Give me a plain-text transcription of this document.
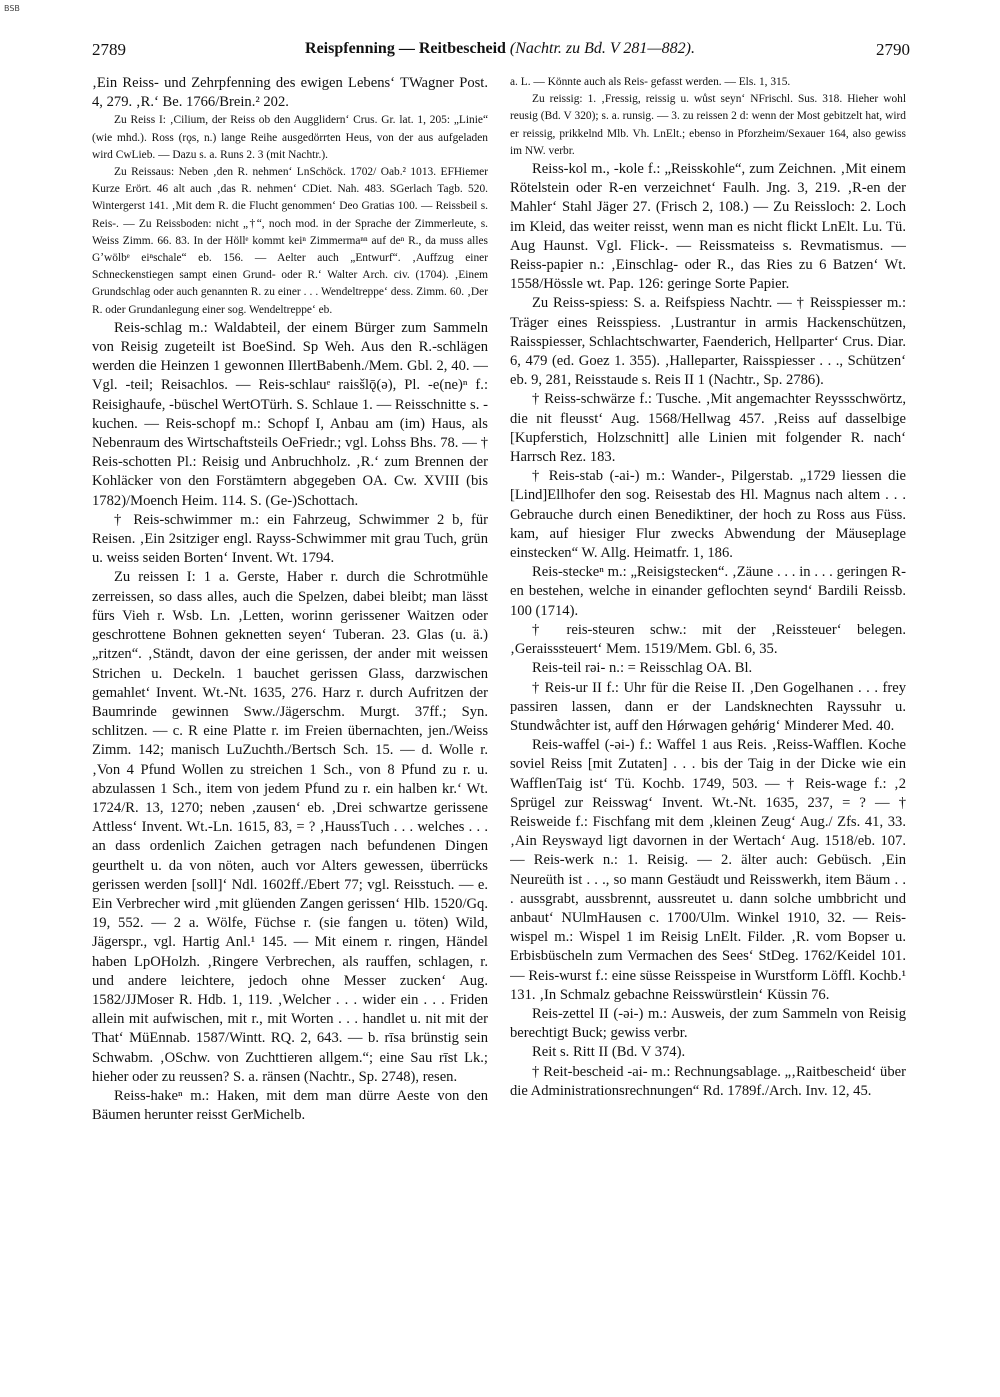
BSB
2789	Reispfenning — Reitbescheid (Nachtr. zu Bd. V 281—882).	2790

‚Ein Reiss- und Zehrpfenning des ewigen Lebens‘ TWagner Post. 4, 279. ‚R.‘ Be. 1766/Brein.² 202.

Zu Reiss I: ‚Cilium, der Reiss ob den Augglidern‘ Crus. Gr. lat. 1, 205: „Linie“ (wie mhd.). Ross (rǫs, n.) lange Reihe ausgedörrten Heus, von der aus aufgeladen wird CwLieb. — Dazu s. a. Runs 2. 3 (mit Nachtr.).

Zu Reissaus: Neben ‚den R. nehmen‘ LnSchöck. 1702/ Oab.² 1013. EFHiemer Kurze Erört. 46 alt auch ‚das R. nehmen‘ CDiet. Nah. 483. SGerlach Tagb. 520. Wintergerst 141. ‚Mit dem R. die Flucht genommen‘ Deo Gratias 100. — Reissbeil s. Reis-. — Zu Reissboden: nicht „†“, noch mod. in der Sprache der Zimmerleute, s. Weiss Zimm. 66. 83. In der Höllᵉ kommt keiⁿ Zimmermaⁿⁿ auf deⁿ R., da muss alles Gʼwölbᵉ eiⁿschale“ eb. 156. — Aelter auch „Entwurf“. ‚Auffzug einer Schneckenstiegen sampt einen Grund- oder R.‘ Walter Arch. civ. (1704). ‚Einem Grundschlag oder auch genannten R. zu einer . . . Wendeltreppe‘ dess. Zimm. 60. ‚Der R. oder Grundanlegung einer sog. Wendeltreppe‘ eb.

Reis-schlag m.: Waldabteil, der einem Bürger zum Sammeln von Reisig zugeteilt ist BoeSind. Sp Weh. Aus den R.-schlägen werden die Heinzen 1 gewonnen IllertBabenh./Mem. Gbl. 2, 40. — Vgl. -teil; Reisachlos. — Reis-schlauᵉ raisšlǭ(ə), Pl. -e(ne)ⁿ f.: Reisighaufe, -büschel WertOTürh. S. Schlaue 1. — Reisschnitte s. -kuchen. — Reis-schopf m.: Schopf I, Anbau am (im) Haus, als Nebenraum des Wirtschaftsteils OeFriedr.; vgl. Lohss Bhs. 78. — † Reis-schotten Pl.: Reisig und Anbruchholz. ‚R.‘ zum Brennen der Kohläcker von den Forstämtern abgegeben OA. Cw. XVIII (bis 1782)/Moench Heim. 114. S. (Ge-)Schottach.

† Reis-schwimmer m.: ein Fahrzeug, Schwimmer 2 b, für Reisen. ‚Ein 2sitziger engl. Rayss-Schwimmer mit grau Tuch, grün u. weiss seiden Borten‘ Invent. Wt. 1794.

Zu reissen I: 1 a. Gerste, Haber r. durch die Schrotmühle zerreissen, so dass alles, auch die Spelzen, dabei bleibt; man lässt fürs Vieh r. Wsb. Ln. ‚Letten, worinn gerissener Waitzen oder geschrottene Bohnen geknetten seyen‘ Tuberan. 23. Glas (u. ä.) „ritzen“. ‚Ständt, davon der eine gerissen, der ander mit weissen Strichen u. Deckeln. 1 bauchet gerissen Glass, darzwischen gemahlet‘ Invent. Wt.-Nt. 1635, 276. Harz r. durch Aufritzen der Baumrinde gewinnen Sww./Jägerschm. Murgt. 37ff.; Syn. schlitzen. — c. R eine Platte r. im Freien übernachten, jen./Weiss Zimm. 142; manisch LuZuchth./Bertsch Sch. 15. — d. Wolle r. ‚Von 4 Pfund Wollen zu streichen 1 Sch., von 8 Pfund zu r. u. abzulassen 1 Sch., item von jedem Pfund zu r. ein halben kr.‘ Wt. 1724/R. 13, 1270; neben ‚zausen‘ eb. ‚Drei schwartze gerissene Attless‘ Invent. Wt.-Ln. 1615, 83, = ? ‚HaussTuch . . . welches . . . an dass ordenlich Zaichen getragen nach befundenen Dingen geurthelt u. da von nöten, auch vor Alters gewessen, überrücks gerissen werden [soll]‘ Ndl. 1602ff./Ebert 77; vgl. Reisstuch. — e. Ein Verbrecher wird ‚mit glüenden Zangen gerissen‘ Hlb. 1520/Gq. 19, 552. — 2 a. Wölfe, Füchse r. (sie fangen u. töten) Wild, Jägerspr., vgl. Hartig Anl.¹ 145. — Mit einem r. ringen, Händel haben LpOHolzh. ‚Ringere Verbrechen, als rauffen, schlagen, r. und andere leichtere, jedoch ohne Messer zucken‘ Aug. 1582/JJMoser R. Hdb. 1, 119. ‚Welcher . . . wider ein . . . Friden allein mit aufwischen, mit r., mit Worten . . . handlet u. nit mit der That‘ MüEnnab. 1587/Wintt. RQ. 2, 643. — b. rīsa brünstig sein Schwabm. ‚OSchw. von Zuchttieren allgem.“; eine Sau rīst Lk.; hieher oder zu reussen? S. a. ränsen (Nachtr., Sp. 2748), resen.

Reiss-hakeⁿ m.: Haken, mit dem man dürre Aeste von den Bäumen herunter reisst GerMichelb.

a. L. — Könnte auch als Reis- gefasst werden. — Els. 1, 315.

Zu reissig: 1. ‚Fressig, reissig u. wůst seyn‘ NFrischl. Sus. 318. Hieher wohl reusig (Bd. V 320); s. a. runsig. — 3. zu reissen 2 d: wenn der Most gebitzelt hat, wird er reissig, prikkelnd Mlb. Vh. LnElt.; ebenso in Pforzheim/Sexauer 164, also gewiss im NW. verbr.

Reiss-kol m., -kole f.: „Reisskohle“, zum Zeichnen. ‚Mit einem Rötelstein oder R-en verzeichnet‘ Faulh. Jng. 3, 219. ‚R-en der Mahler‘ Stahl Jäger 27. (Frisch 2, 108.) — Zu Reissloch: 2. Loch im Kleid, das weiter reisst, wenn man es nicht flickt LnElt. Lu. Tü. Aug Haunst. Vgl. Flick-. — Reissmateiss s. Revmatismus. — Reiss-papier n.: ‚Einschlag- oder R., das Ries zu 6 Batzen‘ Wt. 1558/Hössle wt. Pap. 126: geringe Sorte Papier.

Zu Reiss-spiess: S. a. Reifspiess Nachtr. — † Reisspiesser m.: Träger eines Reisspiess. ‚Lustrantur in armis Hackenschützen, Raisspiesser, Schlachtschwarter, Faenderich, Hellparter‘ Crus. Diar. 6, 479 (ed. Goez 1. 355). ‚Halleparter, Raisspiesser . . ., Schützen‘ eb. 9, 281, Reisstaude s. Reis II 1 (Nachtr., Sp. 2786).

† Reiss-schwärze f.: Tusche. ‚Mit angemachter Reyssschwörtz, die nit fleusst‘ Aug. 1568/Hellwag 457. ‚Reiss auf dasselbige [Kupferstich, Holzschnitt] alle Linien mit folgender R. nach‘ Harrsch Rez. 183.

† Reis-stab (-ai-) m.: Wander-, Pilgerstab. „1729 liessen die [Lind]Ellhofer den sog. Reisestab des Hl. Magnus nach altem . . . Gebrauche durch einen Benediktiner, der hoch zu Ross aus Füss. kam, auf hiesiger Flur zwecks Abwendung der Mäuseplage einstecken“ W. Allg. Heimatfr. 1, 186.

Reis-steckeⁿ m.: „Reisigstecken“. ‚Zäune . . . in . . . geringen R-en bestehen, welche in einander geflochten seynd‘ Bardili Reissb. 100 (1714).

† reis-steuren schw.: mit der ‚Reissteuer‘ belegen. ‚Geraisssteuert‘ Mem. 1519/Mem. Gbl. 6, 35.

Reis-teil rəi- n.: = Reisschlag OA. Bl.

† Reis-ur II f.: Uhr für die Reise II. ‚Den Gogelhanen . . . frey passiren lassen, dann er der Landsknechten Rayssuhr u. Stundwåchter ist, auff den Hǿrwagen gehǿrig‘ Minderer Med. 40.

Reis-waffel (-əi-) f.: Waffel 1 aus Reis. ‚Reiss-Wafflen. Koche soviel Reiss [mit Zutaten] . . . bis der Taig in der Dicke wie ein WafflenTaig ist‘ Tü. Kochb. 1749, 503. — † Reis-wage f.: ‚2 Sprügel zur Reisswag‘ Invent. Wt.-Nt. 1635, 237, = ? — † Reisweide f.: Fischfang mit dem ‚kleinen Zeug‘ Aug./ Zfs. 41, 33. ‚Ain Reyswayd ligt davornen in der Wertach‘ Aug. 1518/eb. 107. — Reis-werk n.: 1. Reisig. — 2. älter auch: Gebüsch. ‚Ein Neureüth ist . . ., so mann Gestäudt und Reisswerkh, item Bäum . . . aussgrabt, aussbrennt, aussreutet u. dann solche umbbricht und anbaut‘ NUlmHausen c. 1700/Ulm. Winkel 1910, 32. — Reis-wispel m.: Wispel 1 im Reisig LnElt. Filder. ‚R. vom Bopser u. Erbisbüscheln zum Vermachen des Sees‘ StDeg. 1762/Keidel 101. — Reis-wurst f.: eine süsse Reisspeise in Wurstform Löffl. Kochb.¹ 131. ‚In Schmalz gebachne Reisswürstlein‘ Küssin 76.

Reis-zettel II (-əi-) m.: Ausweis, der zum Sammeln von Reisig berechtigt Buck; gewiss verbr.

Reit s. Ritt II (Bd. V 374).

† Reit-bescheid -ai- m.: Rechnungsablage. „‚Raitbescheid‘ über die Administrationsrechnungen“ Rd. 1789f./Arch. Inv. 12, 45.
